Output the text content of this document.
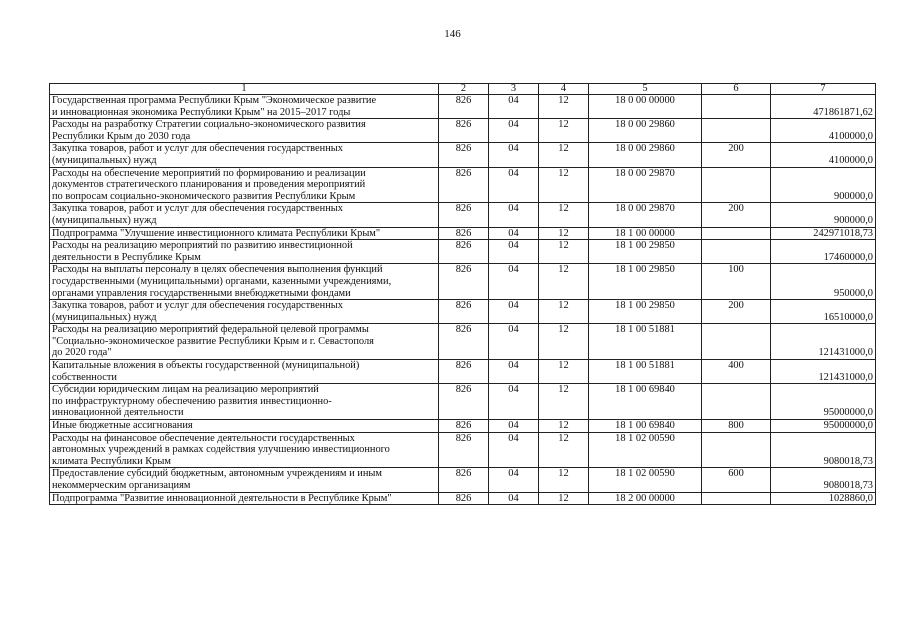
146
1	2	3	4	5	6	7

Государственная программа Республики Крым "Экономическое развитие
и инновационная экономика Республики Крым" на 2015–2017 годы	826	04	12	18 0 00 00000		471861871,62

Расходы на разработку Стратегии социально-экономического развития
Республики Крым до 2030 года	826	04	12	18 0 00 29860		4100000,0

Закупка товаров, работ и услуг для обеспечения государственных
(муниципальных) нужд	826	04	12	18 0 00 29860	200	4100000,0

Расходы на обеспечение мероприятий по формированию и реализации
документов стратегического планирования и проведения мероприятий
по вопросам социально-экономического развития Республики Крым	826	04	12	18 0 00 29870		900000,0

Закупка товаров, работ и услуг для обеспечения государственных
(муниципальных) нужд	826	04	12	18 0 00 29870	200	900000,0

Подпрограмма "Улучшение инвестиционного климата Республики Крым"	826	04	12	18 1 00 00000		242971018,73

Расходы на реализацию мероприятий по развитию инвестиционной
деятельности в Республике Крым	826	04	12	18 1 00 29850		17460000,0

Расходы на выплаты персоналу в целях обеспечения выполнения функций
государственными (муниципальными) органами, казенными учреждениями,
органами управления государственными внебюджетными фондами	826	04	12	18 1 00 29850	100	950000,0

Закупка товаров, работ и услуг для обеспечения государственных
(муниципальных) нужд	826	04	12	18 1 00 29850	200	16510000,0

Расходы на реализацию мероприятий федеральной целевой программы
"Социально-экономическое развитие Республики Крым и г. Севастополя
до 2020 года"	826	04	12	18 1 00 51881		121431000,0

Капитальные вложения в объекты государственной (муниципальной)
собственности	826	04	12	18 1 00 51881	400	121431000,0

Субсидии юридическим лицам на реализацию мероприятий
по инфраструктурному обеспечению развития инвестиционно-
инновационной деятельности	826	04	12	18 1 00 69840		95000000,0

Иные бюджетные ассигнования	826	04	12	18 1 00 69840	800	95000000,0

Расходы на финансовое обеспечение деятельности государственных
автономных учреждений в рамках содействия улучшению инвестиционного
климата Республики Крым	826	04	12	18 1 02 00590		9080018,73

Предоставление субсидий бюджетным, автономным учреждениям и иным
некоммерческим организациям	826	04	12	18 1 02 00590	600	9080018,73

Подпрограмма "Развитие инновационной деятельности в Республике Крым"	826	04	12	18 2 00 00000		1028860,0
